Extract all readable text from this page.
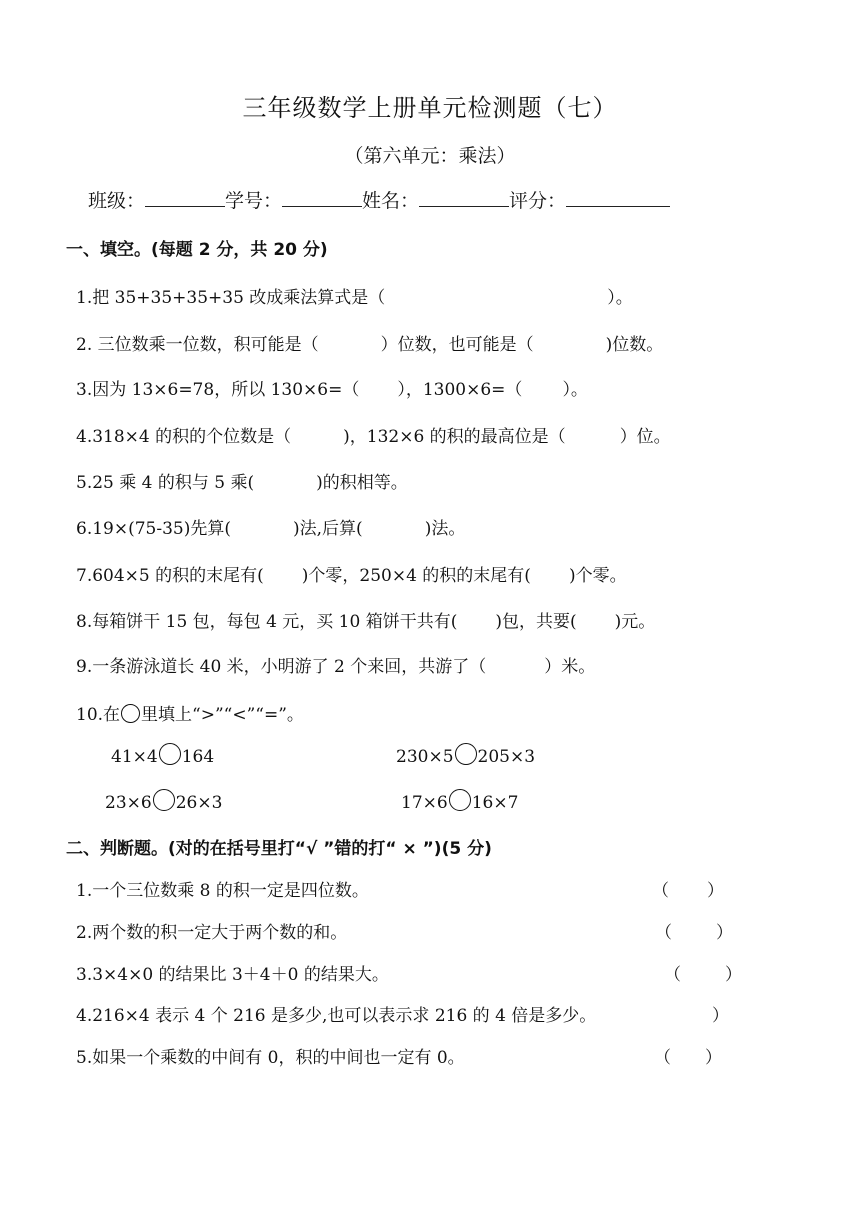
三年级数学上册单元检测题（七）
（第六单元：乘法）
班级：	学号：	姓名：	评分：
一、填空。(每题 2 分，共 20 分)
1.把 35+35+35+35 改成乘法算式是（	）。
2. 三位数乘一位数，积可能是（	）位数，也可能是（	)位数。
3.因为 13×6=78，所以 130×6=（ ），1300×6=（ ）。
4.318×4 的积的个位数是（	)，132×6 的积的最高位是（	）位。
5.25 乘 4 的积与 5 乘(	)的积相等。
6.19×(75-35)先算(	)法,后算(	)法。
7.604×5 的积的末尾有( )个零，250×4 的积的末尾有( )个零。
8.每箱饼干 15 包，每包 4 元，买 10 箱饼干共有( )包，共要( )元。
9.一条游泳道长 40 米，小明游了 2 个来回，共游了（	）米。
10.在 里填上“>”“<”“=”。
41×4 164	230×5 205×3
23×6 26×3	17×6 16×7
二、判断题。(对的在括号里打“√ ”错的打“ × ”)(5 分)
1.一个三位数乘 8 的积一定是四位数。	（ ）
2.两个数的积一定大于两个数的和。	（	）
3.3×4×0 的结果比 3＋4＋0 的结果大。	（	）
4.216×4 表示 4 个 216 是多少,也可以表示求 216 的 4 倍是多少。	）
5.如果一个乘数的中间有 0，积的中间也一定有 0。	（ ）
